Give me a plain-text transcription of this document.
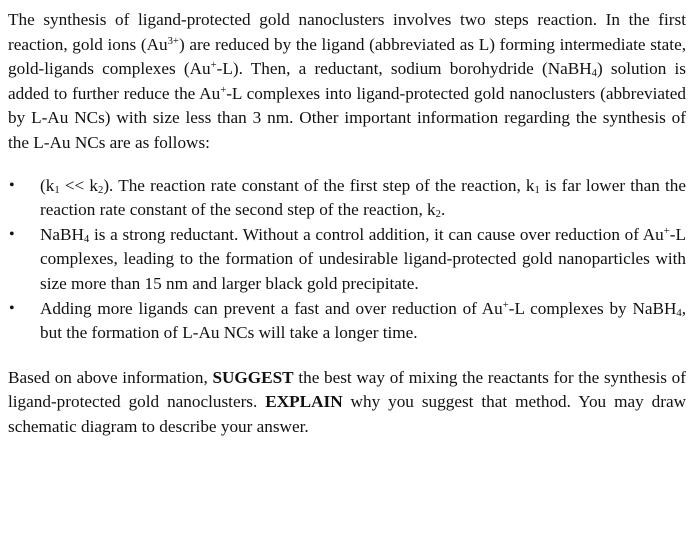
The synthesis of ligand-protected gold nanoclusters involves two steps reaction. In the first reaction, gold ions $(Au^{3+})$ are reduced by the ligand (abbreviated as L) forming intermediate state, gold-ligands complexes (Au+-L). Then, a reductant, sodium borohydride (NaBH$_4$) solution is added to further reduce the Au+-L complexes into ligand-protected gold nanoclusters (abbreviated by L-Au NCs) with size less than 3 nm. Other important information regarding the synthesis of the L-Au NCs are as follows:

• $(k_1 << k_2)$. The reaction rate constant of the first step of the reaction, $k_1$ is far lower than the reaction rate constant of the second step of the reaction, $k_2$.
• NaBH$_4$ is a strong reductant. Without a control addition, it can cause over reduction of Au+-L complexes, leading to the formation of undesirable ligand-protected gold nanoparticles with size more than 15 nm and larger black gold precipitate.
• Adding more ligands can prevent a fast and over reduction of Au+-L complexes by NaBH$_4$, but the formation of L-Au NCs will take a longer time.

Based on above information, SUGGEST the best way of mixing the reactants for the synthesis of ligand-protected gold nanoclusters. EXPLAIN why you suggest that method. You may draw schematic diagram to describe your answer.
